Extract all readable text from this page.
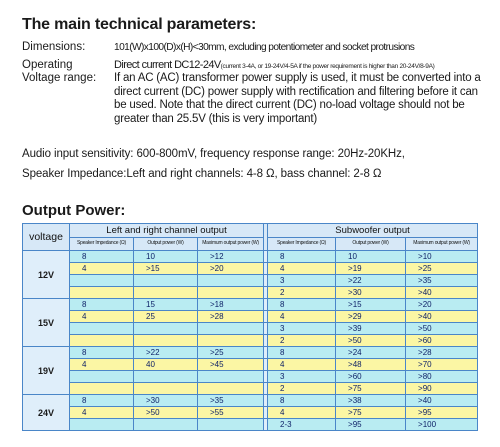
The main technical parameters:
Dimensions:	101(W)x100(D)x(H)<30mm, excluding potentiometer and socket protrusions
Operating	Direct current DC12-24V(current 3-4A, or 19-24V/4-5A if the power requirement is higher than 20-24V/8-9A)
Voltage range: If an AC (AC) transformer power supply is used, it must be converted into a direct current (DC) power supply with rectification and filtering before it can be used. Note that the direct current (DC) no-load voltage should not be greater than 25.5V (this is very important)
Audio input sensitivity: 600-800mV, frequency response range: 20Hz-20KHz,
Speaker Impedance:Left and right channels: 4-8 Ω, bass channel: 2-8 Ω
Output Power:
voltage	Left and right channel output				Subwoofer output		
	Speaker Impedance (Ω)	Output power (W)	Maximum output power (W)		Speaker Impedance (Ω)	Output power (W)	Maximum output power (W)
12V	8	10	>12		8	10	>10
	4	>15	>20		4	>19	>25
					3	>22	>35
					2	>30	>40
15V	8	15	>18		8	>15	>20
	4	25	>28		4	>29	>40
					3	>39	>50
					2	>50	>60
19V	8	>22	>25		8	>24	>28
	4	40	>45		4	>48	>70
					3	>60	>80
					2	>75	>90
24V	8	>30	>35		8	>38	>40
	4	>50	>55		4	>75	>95
					2-3	>95	>100
